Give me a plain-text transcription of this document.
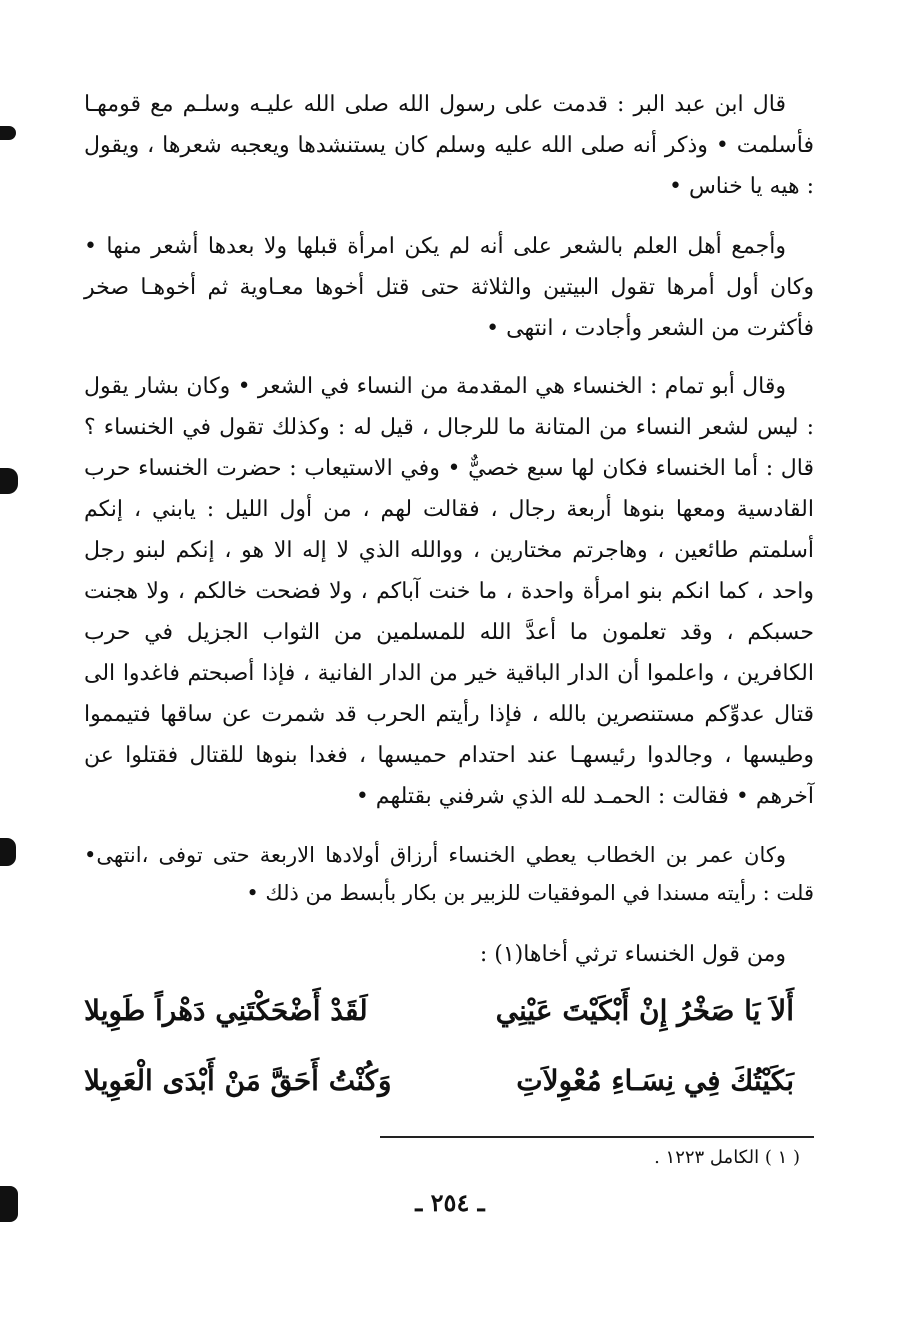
قال ابن عبد البر : قدمت على رسول الله صلى الله عليـه وسلـم مع قومهـا فأسلمت • وذكر أنه صلى الله عليه وسلم كان يستنشدها ويعجبه شعرها ، ويقول : هيه يا خناس •

وأجمع أهل العلم بالشعر على أنه لم يكن امرأة قبلها ولا بعدها أشعر منها • وكان أول أمرها تقول البيتين والثلاثة حتى قتل أخوها معـاوية ثم أخوهـا صخر فأكثرت من الشعر وأجادت ، انتهى •

وقال أبو تمام : الخنساء هي المقدمة من النساء في الشعر • وكان بشار يقول : ليس لشعر النساء من المتانة ما للرجال ، قيل له : وكذلك تقول في الخنساء ؟ قال : أما الخنساء فكان لها سبع خصيٌّ • وفي الاستيعاب : حضرت الخنساء حرب القادسية ومعها بنوها أربعة رجال ، فقالت لهم ، من أول الليل : يابني ، إنكم أسلمتم طائعين ، وهاجرتم مختارين ، ووالله الذي لا إله الا هو ، إنكم لبنو رجل واحد ، كما انكم بنو امرأة واحدة ، ما خنت آباكم ، ولا فضحت خالكم ، ولا هجنت حسبكم ، وقد تعلمون ما أعدَّ الله للمسلمين من الثواب الجزيل في حرب الكافرين ، واعلموا أن الدار الباقية خير من الدار الفانية ، فإذا أصبحتم فاغدوا الى قتال عدوِّكم مستنصرين بالله ، فإذا رأيتم الحرب قد شمرت عن ساقها فتيمموا وطيسها ، وجالدوا رئيسهـا عند احتدام حميسها ، فغدا بنوها للقتال فقتلوا عن آخرهم • فقالت : الحمـد لله الذي شرفني بقتلهم •

وكان عمر بن الخطاب يعطي الخنساء أرزاق أولادها الاربعة حتى توفى ،انتهى• قلت : رأيته مسندا في الموفقيات للزبير بن بكار بأبسط من ذلك •

ومن قول الخنساء ترثي أخاها(١) :

أَلاَ يَا صَخْرُ إِنْ أَبْكَيْتَ عَيْنِي
لَقَدْ أَضْحَكْتَنِي دَهْراً طَوِيلا
بَكَيْتُكَ فِي نِسَـاءِ مُعْوِلاَتِ
وَكُنْتُ أَحَقَّ مَنْ أَبْدَى الْعَوِيلا
( ١ ) الكامل ١٢٢٣ .
ـ ٢٥٤ ـ
